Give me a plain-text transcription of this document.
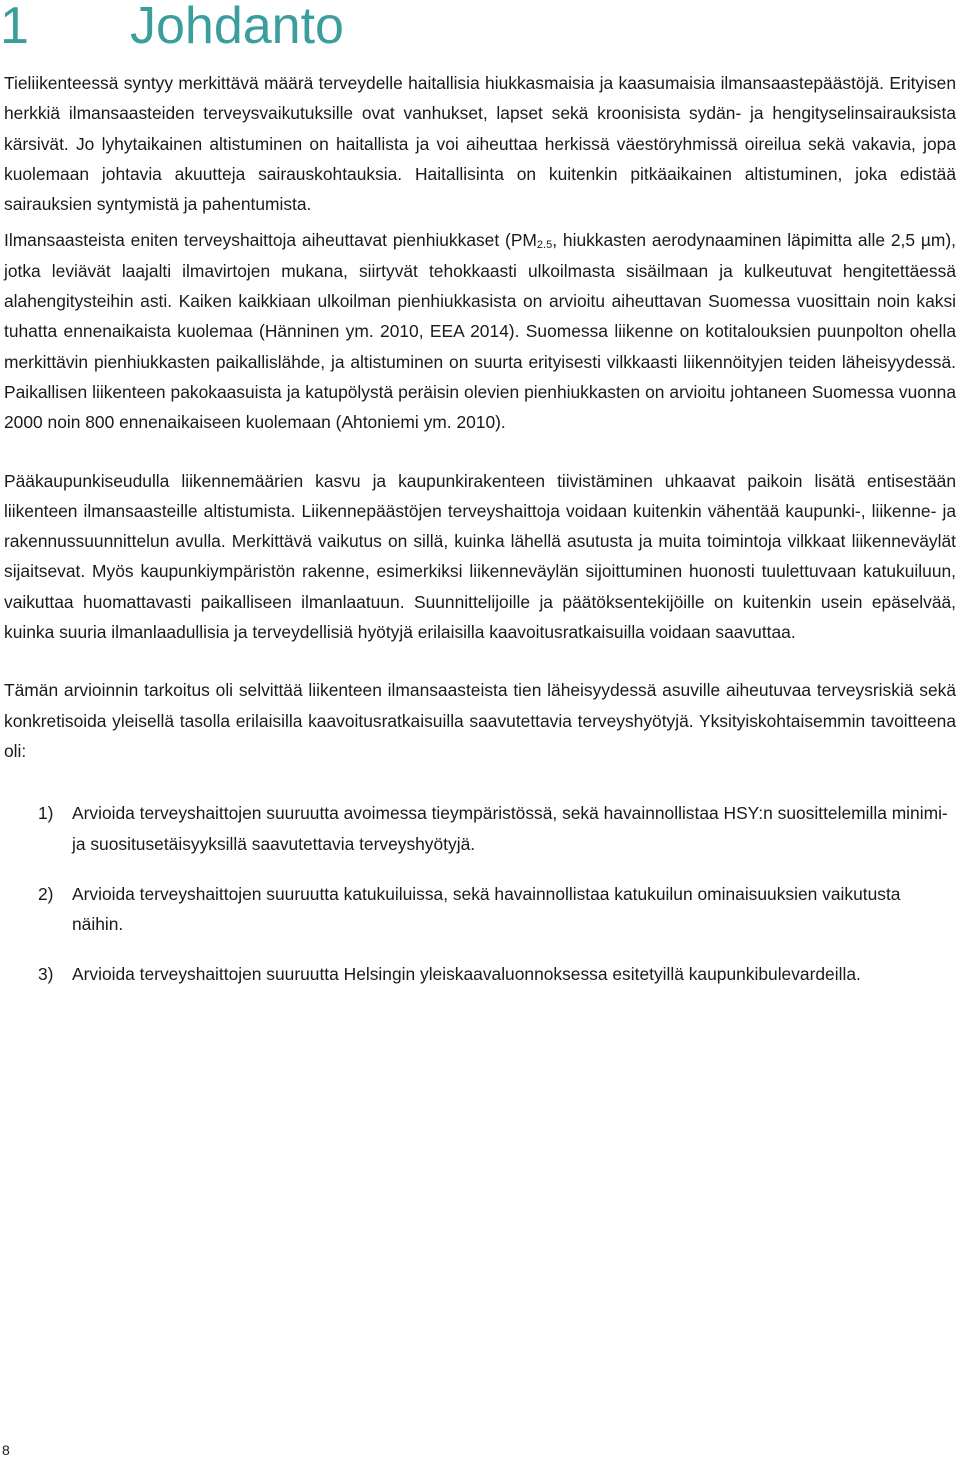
1 Johdanto

Tieliikenteessä syntyy merkittävä määrä terveydelle haitallisia hiukkasmaisia ja kaasumaisia ilmansaastepäästöjä. Erityisen herkkiä ilmansaasteiden terveysvaikutuksille ovat vanhukset, lapset sekä kroonisista sydän- ja hengityselinsairauksista kärsivät. Jo lyhytaikainen altistuminen on haitallista ja voi aiheuttaa herkissä väestöryhmissä oireilua sekä vakavia, jopa kuolemaan johtavia akuutteja sairauskohtauksia. Haitallisinta on kuitenkin pitkäaikainen altistuminen, joka edistää sairauksien syntymistä ja pahentumista.

Ilmansaasteista eniten terveyshaittoja aiheuttavat pienhiukkaset ($PM_{2.5}$, hiukkasten aerodynaaminen läpimitta alle 2,5 µm), jotka leviävät laajalti ilmavirtojen mukana, siirtyvät tehokkaasti ulkoilmasta sisäilmaan ja kulkeutuvat hengitettäessä alahengitysteihin asti. Kaiken kaikkiaan ulkoilman pienhiukkasista on arvioitu aiheuttavan Suomessa vuosittain noin kaksi tuhatta ennenaikaista kuolemaa (Hänninen ym. 2010, EEA 2014). Suomessa liikenne on kotitalouksien puunpolton ohella merkittävin pienhiukkasten paikallislähde, ja altistuminen on suurta erityisesti vilkkaasti liikennöityjen teiden läheisyydessä. Paikallisen liikenteen pakokaasuista ja katupölystä peräisin olevien pienhiukkasten on arvioitu johtaneen Suomessa vuonna 2000 noin 800 ennenaikaiseen kuolemaan (Ahtoniemi ym. 2010).

Pääkaupunkiseudulla liikennemäärien kasvu ja kaupunkirakenteen tiivistäminen uhkaavat paikoin lisätä entisestään liikenteen ilmansaasteille altistumista. Liikennepäästöjen terveyshaittoja voidaan kuitenkin vähentää kaupunki-, liikenne- ja rakennussuunnittelun avulla. Merkittävä vaikutus on sillä, kuinka lähellä asutusta ja muita toimintoja vilkkaat liikenneväylät sijaitsevat. Myös kaupunkiympäristön rakenne, esimerkiksi liikenneväylän sijoittuminen huonosti tuulettuvaan katukuiluun, vaikuttaa huomattavasti paikalliseen ilmanlaatuun. Suunnittelijoille ja päätöksentekijöille on kuitenkin usein epäselvää, kuinka suuria ilmanlaadullisia ja terveydellisiä hyötyjä erilaisilla kaavoitusratkaisuilla voidaan saavuttaa.

Tämän arvioinnin tarkoitus oli selvittää liikenteen ilmansaasteista tien läheisyydessä asuville aiheutuvaa terveysriskiä sekä konkretisoida yleisellä tasolla erilaisilla kaavoitusratkaisuilla saavutettavia terveyshyötyjä. Yksityiskohtaisemmin tavoitteena oli:

1)	Arvioida terveyshaittojen suuruutta avoimessa tieympäristössä, sekä havainnollistaa HSY:n suosittelemilla minimi- ja suositusetäisyyksillä saavutettavia terveyshyötyjä.
2)	Arvioida terveyshaittojen suuruutta katukuiluissa, sekä havainnollistaa katukuilun ominaisuuksien vaikutusta näihin.
3)	Arvioida terveyshaittojen suuruutta Helsingin yleiskaavaluonnoksessa esitetyillä kaupunkibulevardeilla.
8
